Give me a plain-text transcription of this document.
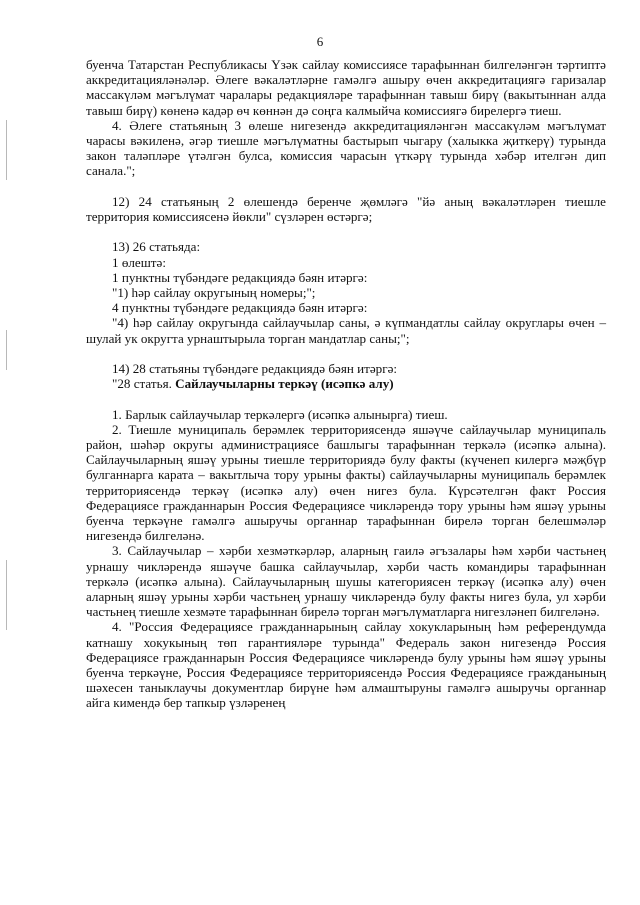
6

буенча Татарстан Республикасы Үзәк сайлау комиссиясе тарафыннан билгеләнгән тәртиптә аккредитацияләнәләр. Әлеге вәкаләтләрне гамәлгә ашыру өчен аккредитациягә гаризалар массакүләм мәгълүмат чаралары редакцияләре тарафыннан тавыш бирү (вакытыннан алда тавыш бирү) көненә кадәр өч көннән дә соңга калмыйча комиссиягә бирелергә тиеш.

4. Әлеге статьяның 3 өлеше нигезендә аккредитацияләнгән массакүләм мәгълүмат чарасы вәкиленә, әгәр тиешле мәгълүматны бастырып чыгару (халыкка җиткерү) турында закон таләпләре үтәлгән булса, комиссия чарасын үткәрү турында хәбәр ителгән дип санала.";

12) 24 статьяның 2 өлешендә беренче җөмләгә "йә аның вәкаләтләрен тиешле территория комиссиясенә йөкли" сүзләрен өстәргә;

13) 26 статьяда:

1 өлештә:

1 пунктны түбәндәге редакциядә бәян итәргә:

"1) һәр сайлау округының номеры;";

4 пунктны түбәндәге редакциядә бәян итәргә:

"4) һәр сайлау округында сайлаучылар саны, ә күпмандатлы сайлау округлары өчен – шулай ук округта урнаштырыла торган мандатлар саны;";

14) 28 статьяны түбәндәге редакциядә бәян итәргә:

"28 статья. Сайлаучыларны теркәү (исәпкә алу)

1. Барлык сайлаучылар теркәлергә (исәпкә алынырга) тиеш.

2. Тиешле муниципаль берәмлек территориясендә яшәүче сайлаучылар муниципаль район, шәһәр округы администрациясе башлыгы тарафыннан теркәлә (исәпкә алына). Сайлаучыларның яшәү урыны тиешле территориядә булу факты (күченеп килергә мәҗбүр булганнарга карата – вакытлыча тору урыны факты) сайлаучыларны муниципаль берәмлек территориясендә теркәү (исәпкә алу) өчен нигез була. Күрсәтелгән факт Россия Федерациясе гражданнарын Россия Федерациясе чикләрендә тору урыны һәм яшәү урыны буенча теркәүне гамәлгә ашыручы органнар тарафыннан бирелә торган белешмәләр нигезендә билгеләнә.

3. Сайлаучылар – хәрби хезмәткәрләр, аларның гаилә әгъзалары һәм хәрби частьнең урнашу чикләрендә яшәүче башка сайлаучылар, хәрби часть командиры тарафыннан теркәлә (исәпкә алына). Сайлаучыларның шушы категориясен теркәү (исәпкә алу) өчен аларның яшәү урыны хәрби частьнең урнашу чикләрендә булу факты нигез була, ул хәрби частьнең тиешле хезмәте тарафыннан бирелә торган мәгълүматларга нигезләнеп билгеләнә.

4. "Россия Федерациясе гражданнарының сайлау хокукларының һәм референдумда катнашу хокукының төп гарантияләре турында" Федераль закон нигезендә Россия Федерациясе гражданнарын Россия Федерациясе чикләрендә булу урыны һәм яшәү урыны буенча теркәүне, Россия Федерациясе территориясендә Россия Федерациясе гражданының шәхесен таныклаучы документлар бирүне һәм алмаштыруны гамәлгә ашыручы органнар айга кимендә бер тапкыр үзләренең
